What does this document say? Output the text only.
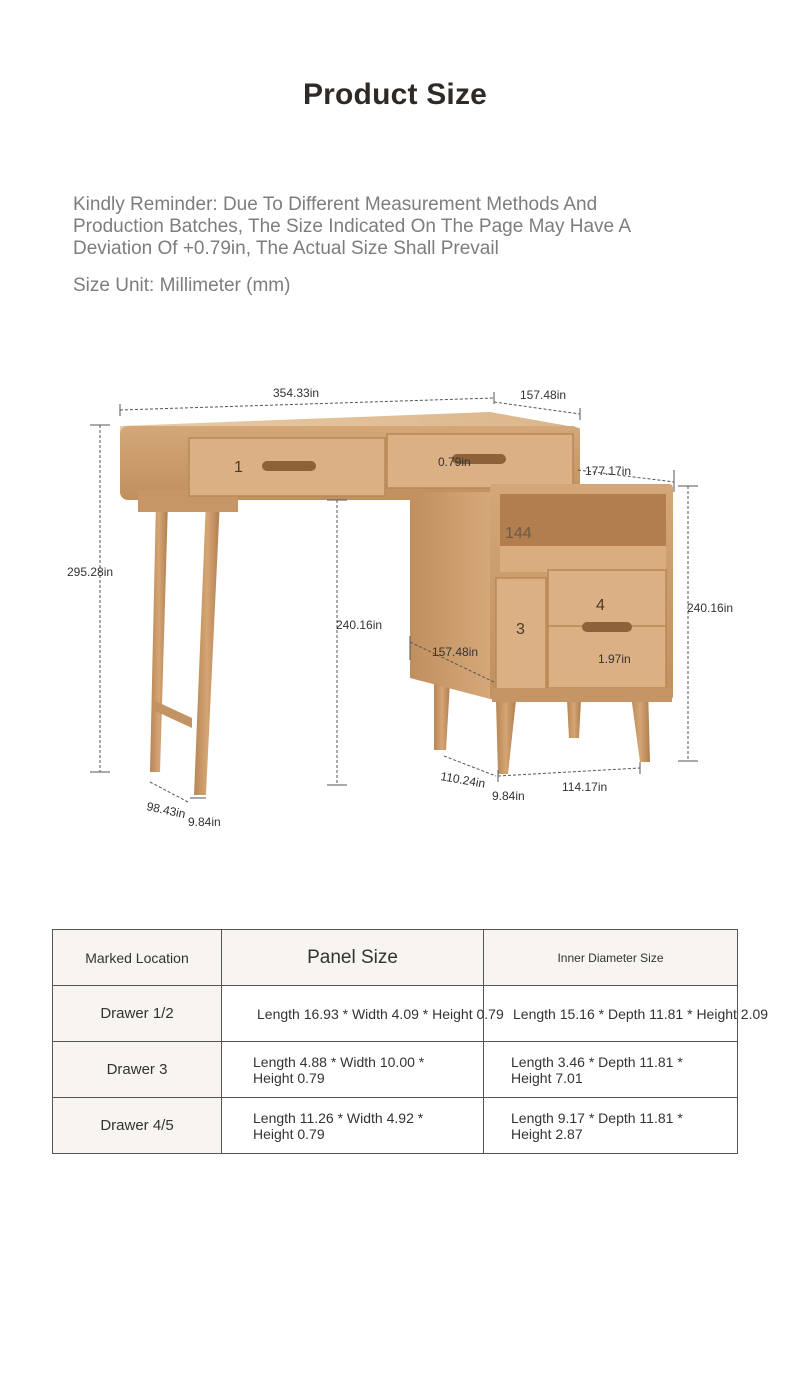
Product Size
Kindly Reminder: Due To Different Measurement Methods And Production Batches, The Size Indicated On The Page May Have A Deviation Of +0.79in, The Actual Size Shall Prevail
Size Unit: Millimeter (mm)
1	0.79in
144
3
4
1.97in
354.33in	157.48in
177.17in
295.28in
240.16in
240.16in
157.48in
98.43in
9.84in
110.24in
9.84in
114.17in
Marked Location	Panel Size	Inner Diameter Size
Drawer 1/2	Length 16.93 * Width 4.09 * Height 0.79	Length 15.16 * Depth 11.81 * Height 2.09

Drawer 3	Length 4.88 * Width 10.00 * Height 0.79	Length 3.46 * Depth 11.81 * Height 7.01

Drawer 4/5	Length 11.26 * Width 4.92 * Height 0.79	Length 9.17 * Depth 11.81 * Height 2.87
